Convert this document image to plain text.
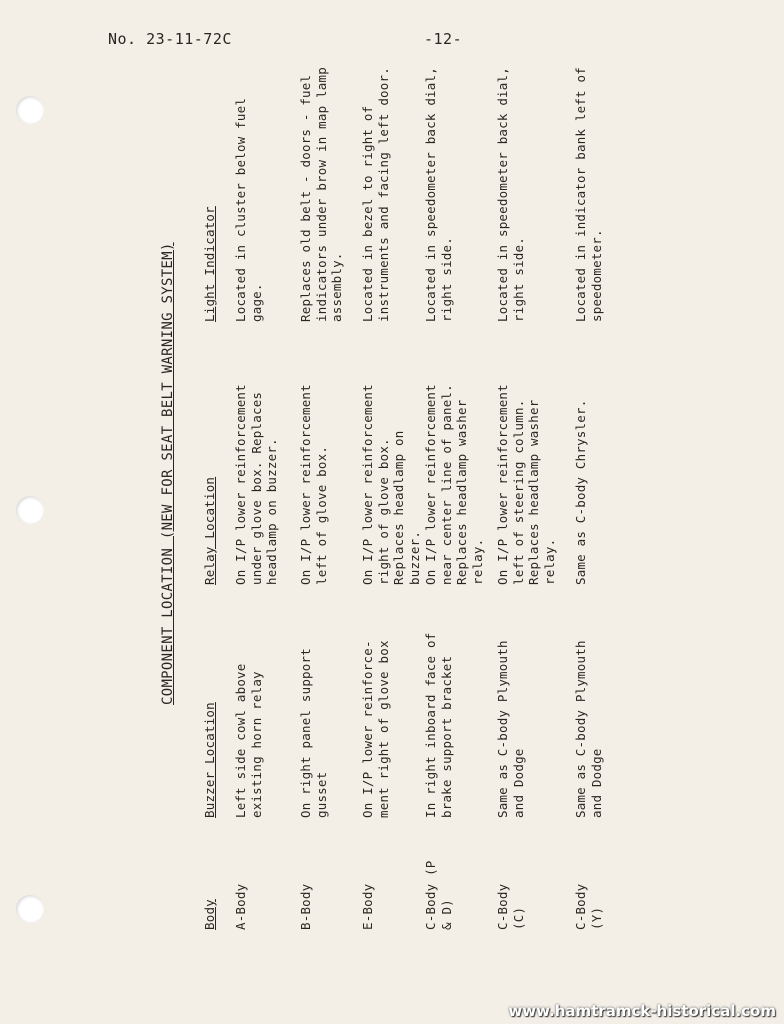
No. 23-11-72C	-12-
COMPONENT LOCATION (NEW FOR SEAT BELT WARNING SYSTEM)
Body
Buzzer Location
Relay Location
Light Indicator
A-Body
Left side cowl above existing horn relay
On I/P lower reinforcement under glove box. Replaces headlamp on buzzer.
Located in cluster below fuel gage.
B-Body
On right panel support gusset
On I/P lower reinforcement left of glove box.
Replaces old belt - doors - fuel indicators under brow in map lamp assembly.
E-Body
On I/P lower reinforce- ment right of glove box
On I/P lower reinforcement right of glove box. Replaces headlamp on buzzer.
Located in bezel to right of instruments and facing left door.
C-Body (P & D)
In right inboard face of brake support bracket
On I/P lower reinforcement near center line of panel. Replaces headlamp washer relay.
Located in speedometer back dial, right side.
C-Body (C)
Same as C-body Plymouth and Dodge
On I/P lower reinforcement left of steering column. Replaces headlamp washer relay.
Located in speedometer back dial, right side.
C-Body (Y)
Same as C-body Plymouth and Dodge
Same as C-body Chrysler.
Located in indicator bank left of speedometer.
www.hamtramck-historical.com
